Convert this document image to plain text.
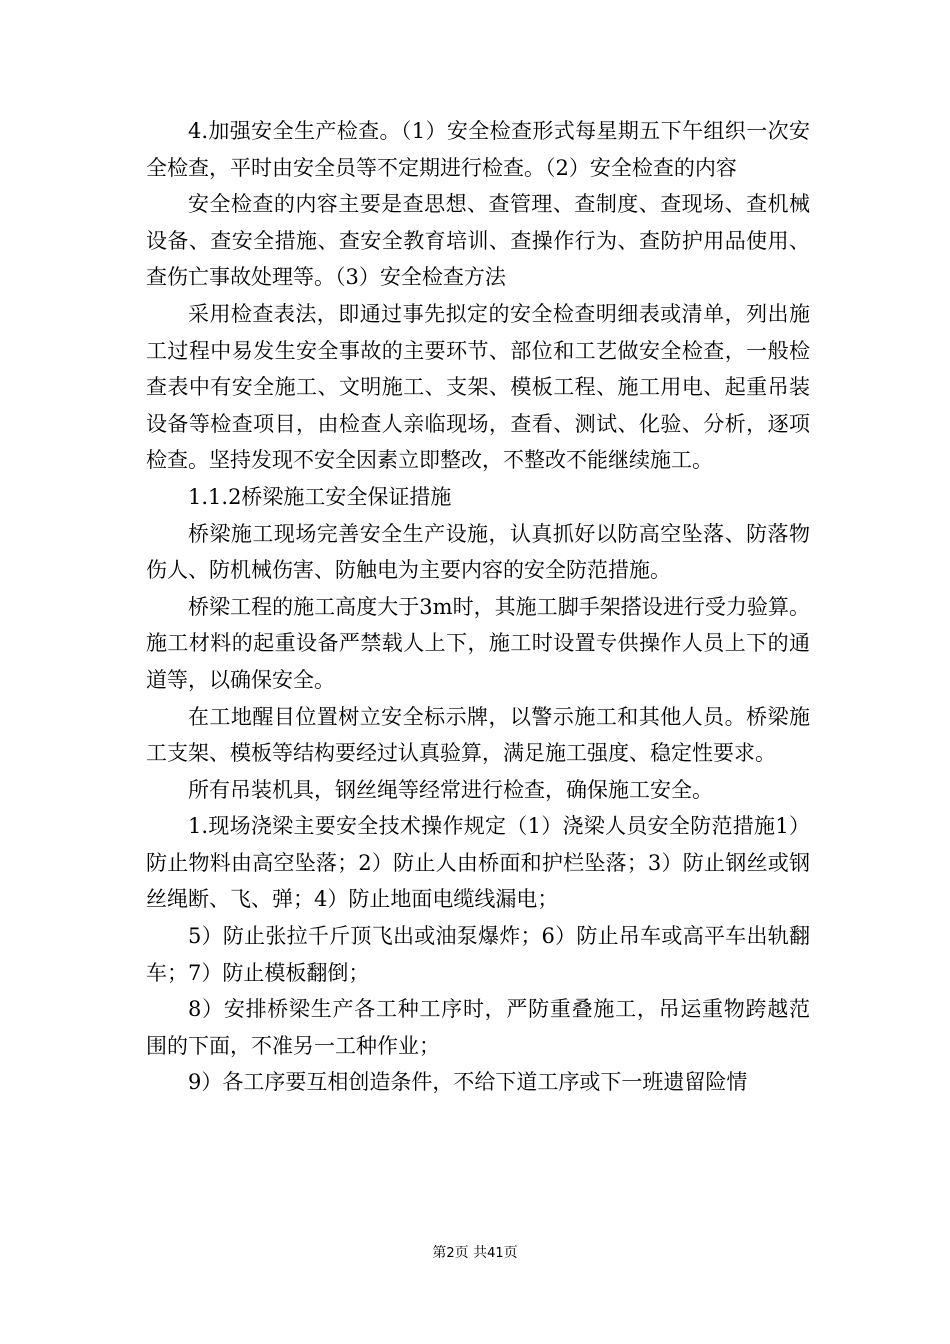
4.加强安全生产检查。（1）安全检查形式每星期五下午组织一次安全检查，平时由安全员等不定期进行检查。（2）安全检查的内容

安全检查的内容主要是查思想、查管理、查制度、查现场、查机械设备、查安全措施、查安全教育培训、查操作行为、查防护用品使用、查伤亡事故处理等。（3）安全检查方法

采用检查表法，即通过事先拟定的安全检查明细表或清单，列出施工过程中易发生安全事故的主要环节、部位和工艺做安全检查，一般检查表中有安全施工、文明施工、支架、模板工程、施工用电、起重吊装设备等检查项目，由检查人亲临现场，查看、测试、化验、分析，逐项检查。坚持发现不安全因素立即整改，不整改不能继续施工。

1.1.2桥梁施工安全保证措施

桥梁施工现场完善安全生产设施，认真抓好以防高空坠落、防落物伤人、防机械伤害、防触电为主要内容的安全防范措施。

桥梁工程的施工高度大于3m时，其施工脚手架搭设进行受力验算。施工材料的起重设备严禁载人上下，施工时设置专供操作人员上下的通道等，以确保安全。

在工地醒目位置树立安全标示牌，以警示施工和其他人员。桥梁施工支架、模板等结构要经过认真验算，满足施工强度、稳定性要求。

所有吊装机具，钢丝绳等经常进行检查，确保施工安全。

1.现场浇梁主要安全技术操作规定（1）浇梁人员安全防范措施1）防止物料由高空坠落；2）防止人由桥面和护栏坠落；3）防止钢丝或钢丝绳断、飞、弹；4）防止地面电缆线漏电；

5）防止张拉千斤顶飞出或油泵爆炸；6）防止吊车或高平车出轨翻车；7）防止模板翻倒；

8）安排桥梁生产各工种工序时，严防重叠施工，吊运重物跨越范围的下面，不准另一工种作业；

9）各工序要互相创造条件，不给下道工序或下一班遗留险情

第2页 共41页
